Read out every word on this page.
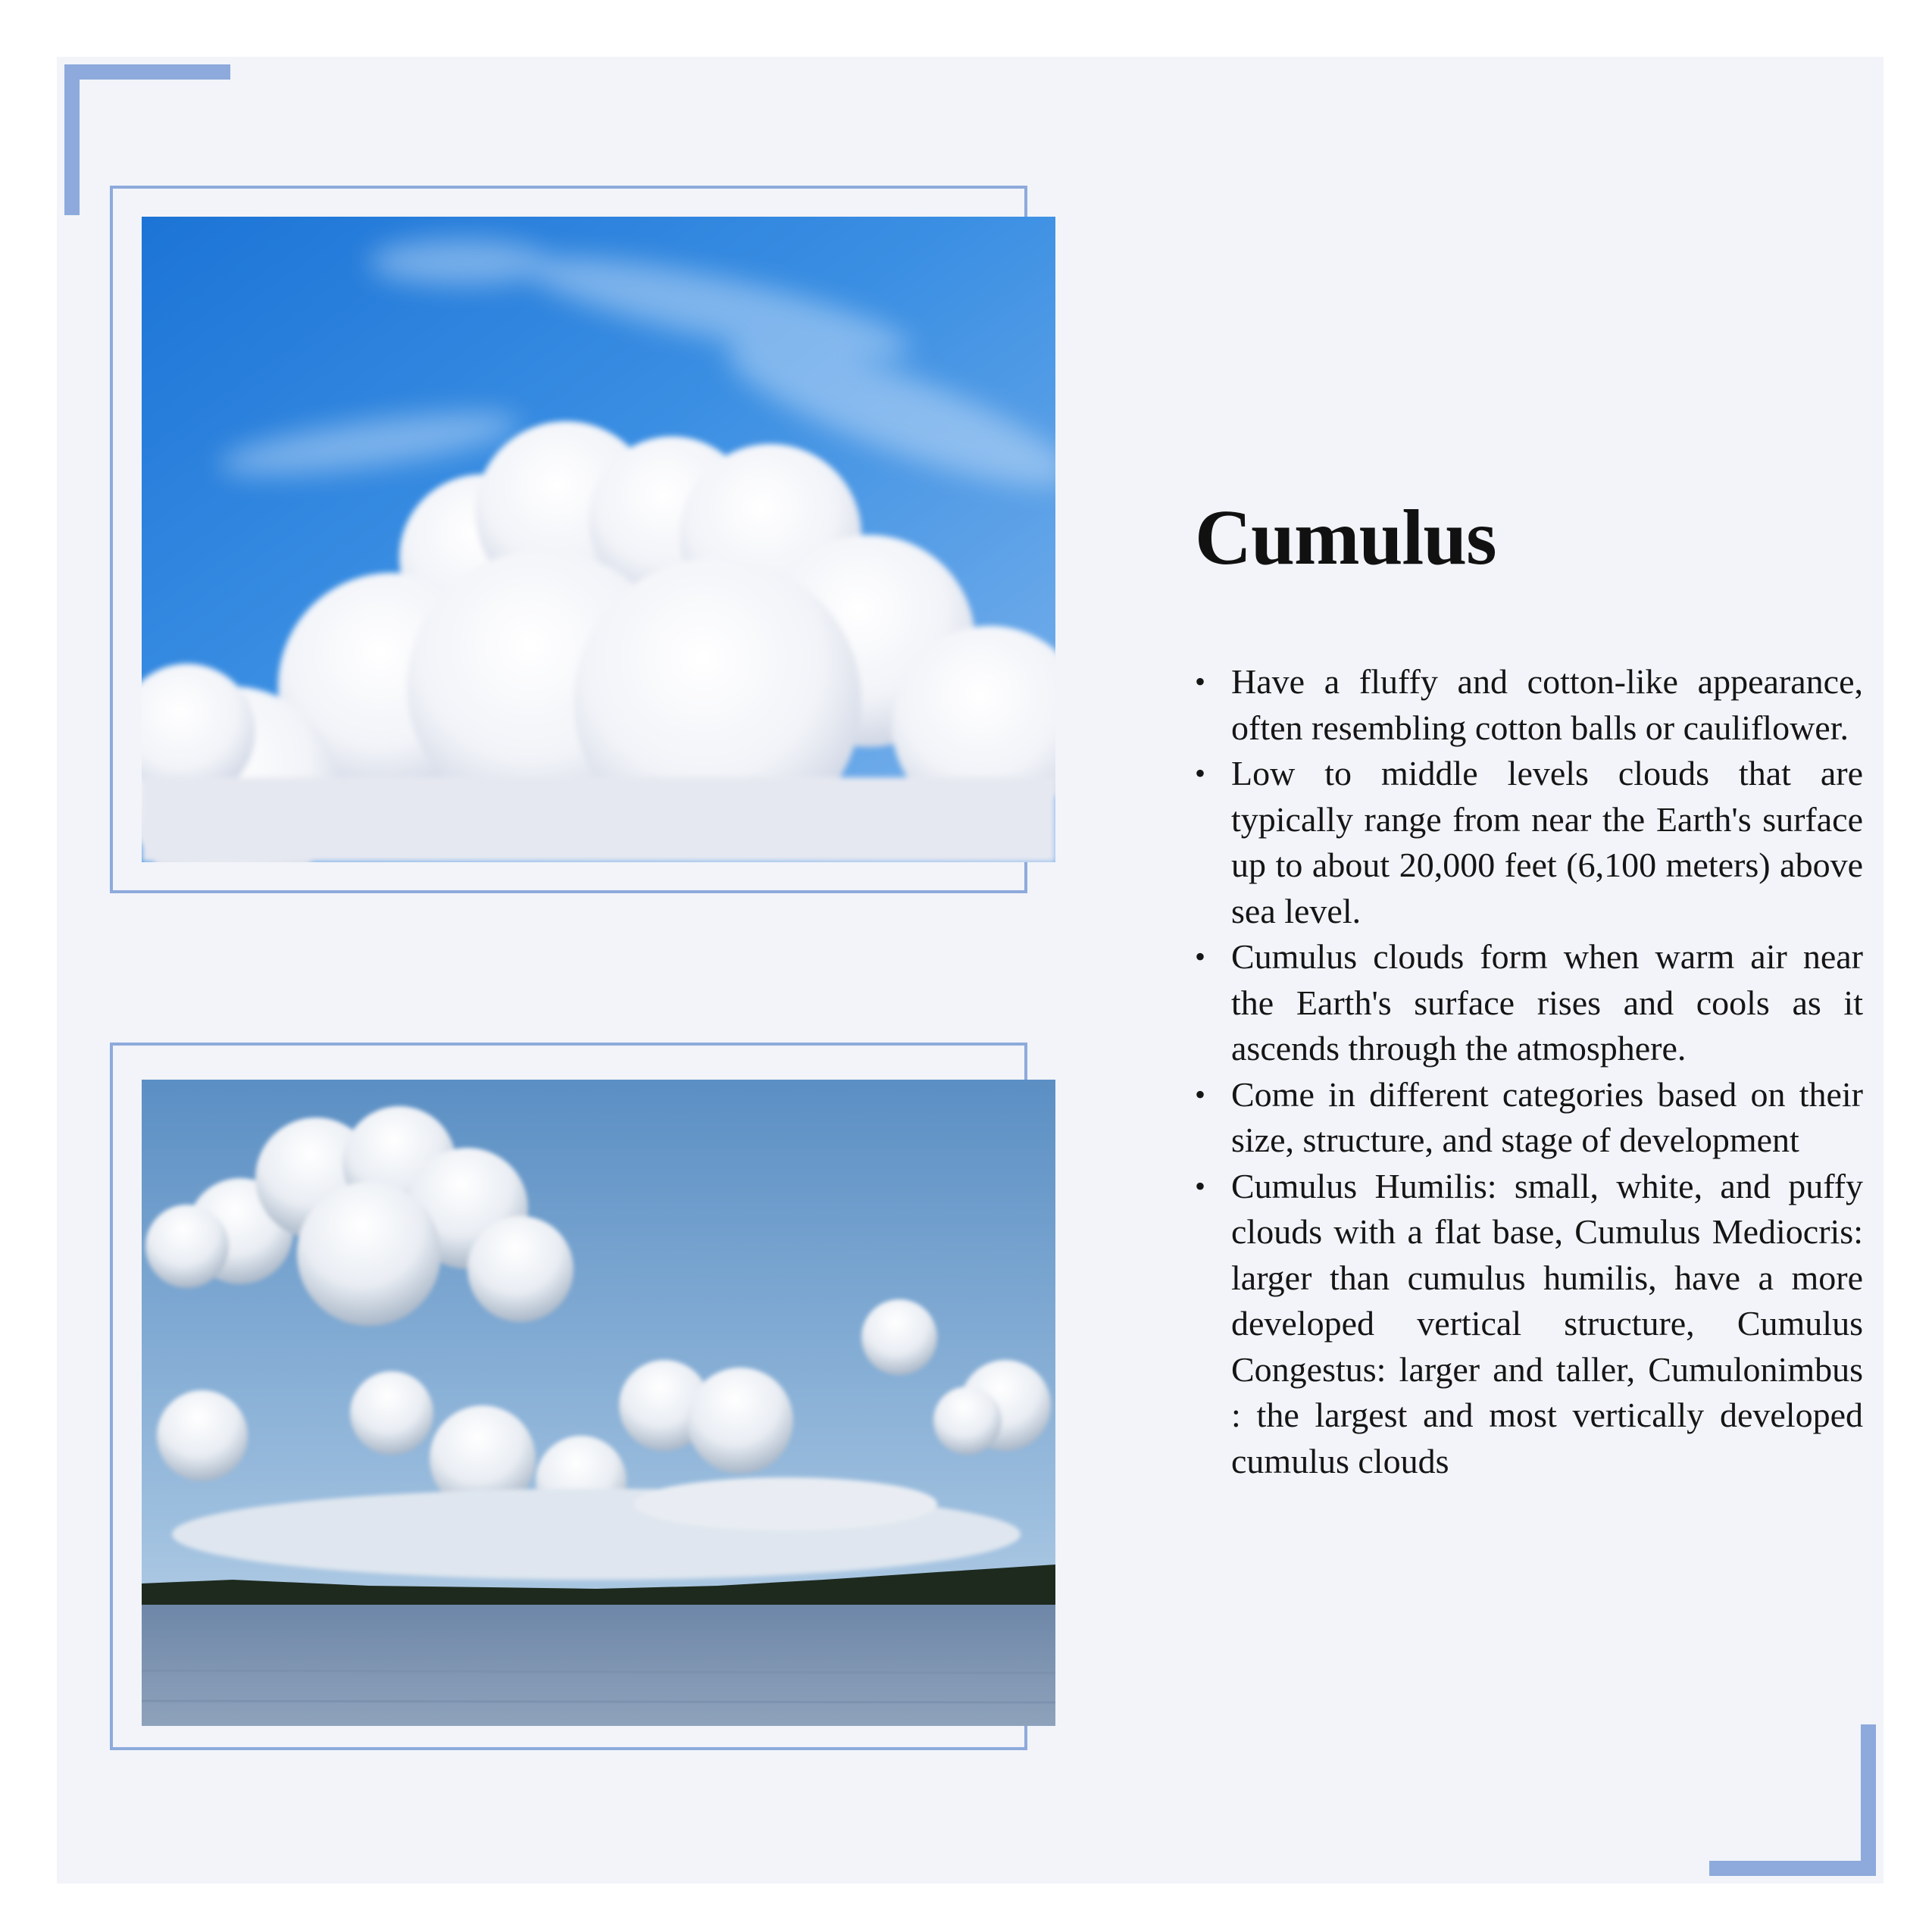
Cumulus
• Have a fluffy and cotton-like appearance, often resembling cotton balls or cauliflower.
• Low to middle levels clouds that are typically range from near the Earth's surface up to about 20,000 feet (6,100 meters) above sea level.
• Cumulus clouds form when warm air near the Earth's surface rises and cools as it ascends through the atmosphere.
• Come in different categories based on their size, structure, and stage of development
• Cumulus Humilis: small, white, and puffy clouds with a flat base, Cumulus Mediocris: larger than cumulus humilis, have a more developed vertical structure, Cumulus Congestus: larger and taller, Cumulonimbus : the largest and most vertically developed cumulus clouds
